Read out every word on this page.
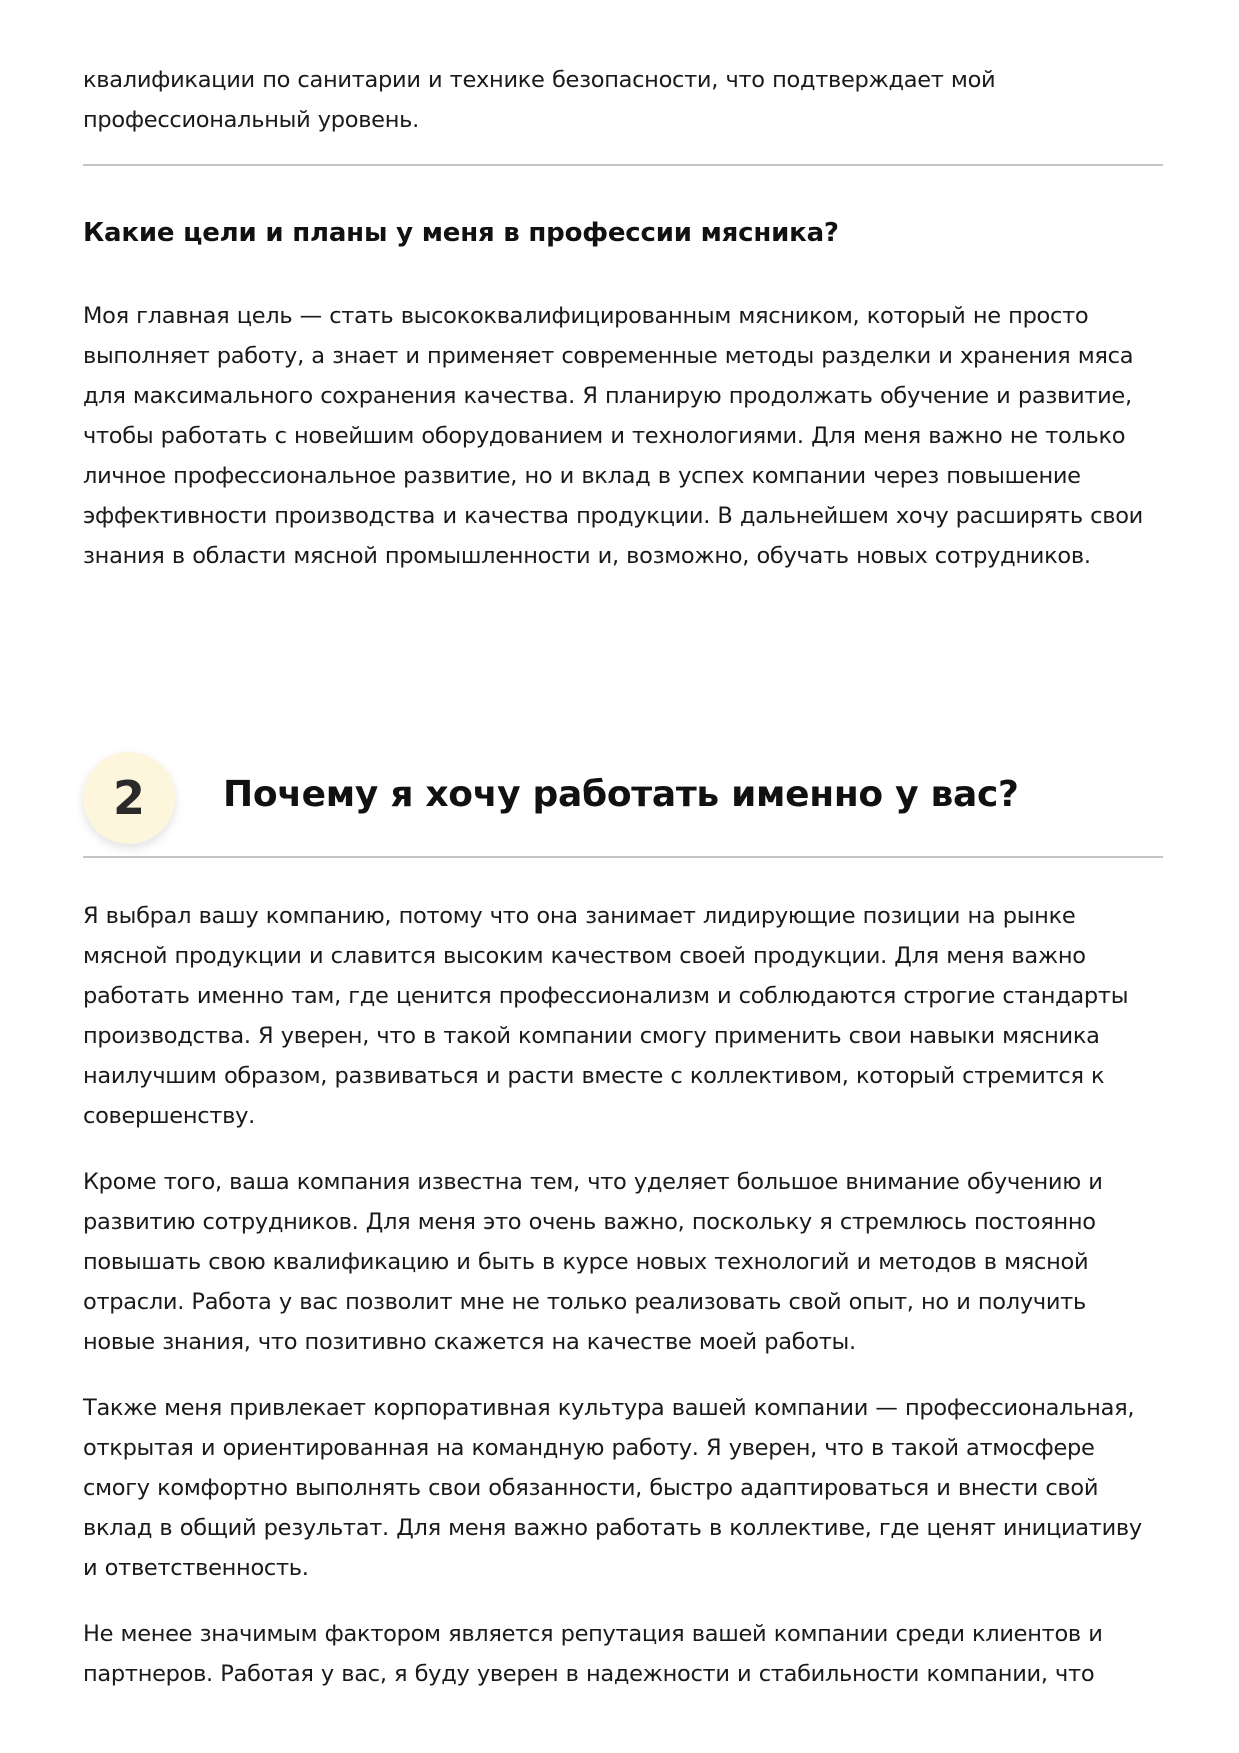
квалификации по санитарии и технике безопасности, что подтверждает мой профессиональный уровень.

Какие цели и планы у меня в профессии мясника?

Моя главная цель — стать высококвалифицированным мясником, который не просто выполняет работу, а знает и применяет современные методы разделки и хранения мяса для максимального сохранения качества. Я планирую продолжать обучение и развитие, чтобы работать с новейшим оборудованием и технологиями. Для меня важно не только личное профессиональное развитие, но и вклад в успех компании через повышение эффективности производства и качества продукции. В дальнейшем хочу расширять свои знания в области мясной промышленности и, возможно, обучать новых сотрудников.

2	Почему я хочу работать именно у вас?

Я выбрал вашу компанию, потому что она занимает лидирующие позиции на рынке мясной продукции и славится высоким качеством своей продукции. Для меня важно работать именно там, где ценится профессионализм и соблюдаются строгие стандарты производства. Я уверен, что в такой компании смогу применить свои навыки мясника наилучшим образом, развиваться и расти вместе с коллективом, который стремится к совершенству.

Кроме того, ваша компания известна тем, что уделяет большое внимание обучению и развитию сотрудников. Для меня это очень важно, поскольку я стремлюсь постоянно повышать свою квалификацию и быть в курсе новых технологий и методов в мясной отрасли. Работа у вас позволит мне не только реализовать свой опыт, но и получить новые знания, что позитивно скажется на качестве моей работы.

Также меня привлекает корпоративная культура вашей компании — профессиональная, открытая и ориентированная на командную работу. Я уверен, что в такой атмосфере смогу комфортно выполнять свои обязанности, быстро адаптироваться и внести свой вклад в общий результат. Для меня важно работать в коллективе, где ценят инициативу и ответственность.

Не менее значимым фактором является репутация вашей компании среди клиентов и партнеров. Работая у вас, я буду уверен в надежности и стабильности компании, что
